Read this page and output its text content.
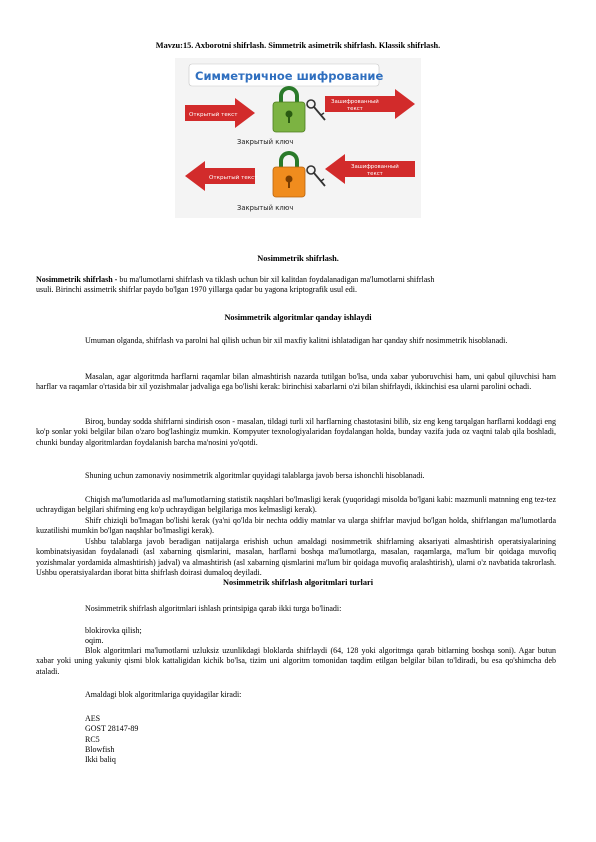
Mavzu:15. Axborotni shifrlash. Simmetrik asimetrik shifrlash. Klassik shifrlash.
Симметричное шифрование
Открытый текст
Зашифрованный
текст
Закрытый ключ
Открытый текст
Зашифрованный
текст
Закрытый ключ
Nosimmetrik shifrlash.
Nosimmetrik shifrlash - bu ma'lumotlarni shifrlash va tiklash uchun bir xil kalitdan foydalanadigan ma'lumotlarni shifrlash
usuli. Birinchi assimetrik shifrlar paydo bo'lgan 1970 yillarga qadar bu yagona kriptografik usul edi.
Nosimmetrik algoritmlar qanday ishlaydi
Umuman olganda, shifrlash va parolni hal qilish uchun bir xil maxfiy kalitni ishlatadigan har qanday shifr nosimmetrik hisoblanadi.
Masalan, agar algoritmda harflarni raqamlar bilan almashtirish nazarda tutilgan bo'lsa, unda xabar yuboruvchisi ham, uni qabul qiluvchisi ham harflar va raqamlar o'rtasida bir xil yozishmalar jadvaliga ega bo'lishi kerak: birinchisi xabarlarni o'zi bilan shifrlaydi, ikkinchisi esa ularni parolini ochadi.
Biroq, bunday sodda shifrlarni sindirish oson - masalan, tildagi turli xil harflarning chastotasini bilib, siz eng keng tarqalgan harflarni koddagi eng ko'p sonlar yoki belgilar bilan o'zaro bog'lashingiz mumkin. Kompyuter texnologiyalaridan foydalangan holda, bunday vazifa juda oz vaqtni talab qila boshladi, chunki bunday algoritmlardan foydalanish barcha ma'nosini yo'qotdi.
Shuning uchun zamonaviy nosimmetrik algoritmlar quyidagi talablarga javob bersa ishonchli hisoblanadi.
Chiqish ma'lumotlarida asl ma'lumotlarning statistik naqshlari bo'lmasligi kerak (yuqoridagi misolda bo'lgani kabi: mazmunli matnning eng tez-tez uchraydigan belgilari shifrning eng ko'p uchraydigan belgilariga mos kelmasligi kerak).
Shifr chiziqli bo'lmagan bo'lishi kerak (ya'ni qo'lda bir nechta oddiy matnlar va ularga shifrlar mavjud bo'lgan holda, shifrlangan ma'lumotlarda kuzatilishi mumkin bo'lgan naqshlar bo'lmasligi kerak).
Ushbu talablarga javob beradigan natijalarga erishish uchun amaldagi nosimmetrik shifrlarning aksariyati almashtirish operatsiyalarining kombinatsiyasidan foydalanadi (asl xabarning qismlarini, masalan, harflarni boshqa ma'lumotlarga, masalan, raqamlarga, ma'lum bir qoidaga muvofiq yozishmalar yordamida almashtirish) jadval) va almashtirish (asl xabarning qismlarini ma'lum bir qoidaga muvofiq aralashtirish), ularni o'z navbatida takrorlash. Ushbu operatsiyalardan iborat bitta shifrlash doirasi dumaloq deyiladi.
Nosimmetrik shifrlash algoritmlari turlari
Nosimmetrik shifrlash algoritmlari ishlash printsipiga qarab ikki turga bo'linadi:
blokirovka qilish;
oqim.
Blok algoritmlari ma'lumotlarni uzluksiz uzunlikdagi bloklarda shifrlaydi (64, 128 yoki algoritmga qarab bitlarning boshqa soni). Agar butun xabar yoki uning yakuniy qismi blok kattaligidan kichik bo'lsa, tizim uni algoritm tomonidan taqdim etilgan belgilar bilan to'ldiradi, bu esa qo'shimcha deb ataladi.
Amaldagi blok algoritmlariga quyidagilar kiradi:
AES
GOST 28147-89
RC5
Blowfish
Ikki baliq
